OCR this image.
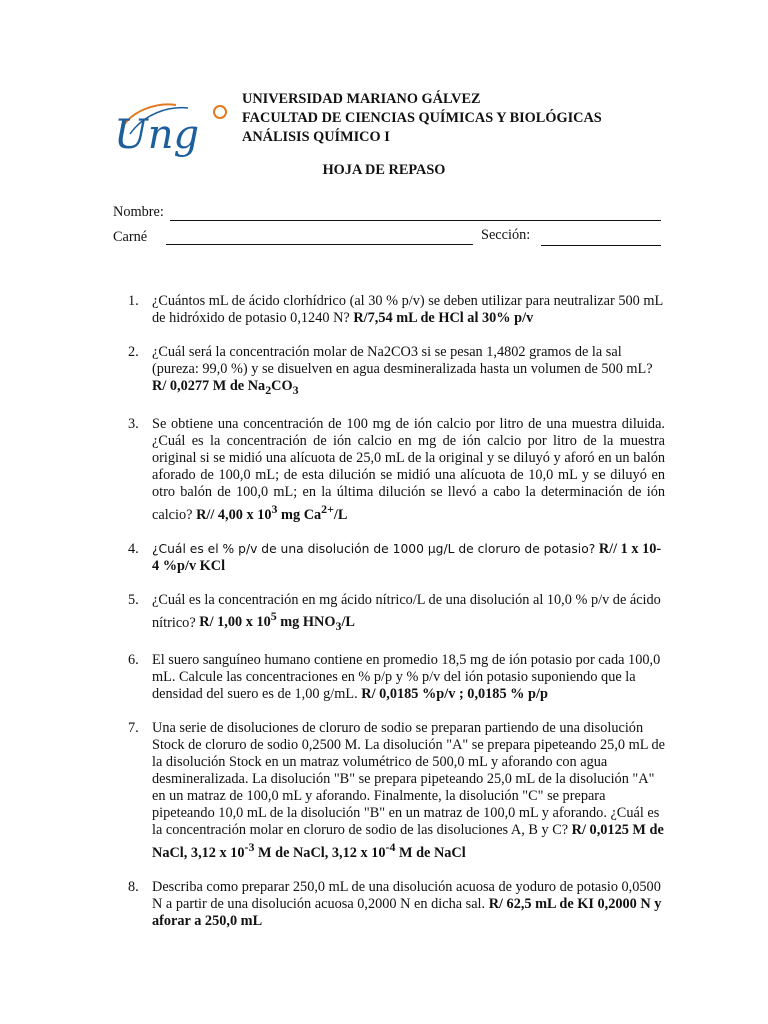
Ung
UNIVERSIDAD MARIANO GÁLVEZ
FACULTAD DE CIENCIAS QUÍMICAS Y BIOLÓGICAS
ANÁLISIS QUÍMICO I
HOJA DE REPASO
Nombre:
Carné	Sección:
1. ¿Cuántos mL de ácido clorhídrico (al 30 % p/v) se deben utilizar para neutralizar 500 mL de hidróxido de potasio 0,1240 N? R/7,54 mL de HCl al 30% p/v

2. ¿Cuál será la concentración molar de Na2CO3 si se pesan 1,4802 gramos de la sal (pureza: 99,0 %) y se disuelven en agua desmineralizada hasta un volumen de 500 mL? R/ 0,0277 M de $Na_2CO_3$

3. Se obtiene una concentración de 100 mg de ión calcio por litro de una muestra diluida. ¿Cuál es la concentración de ión calcio en mg de ión calcio por litro de la muestra original si se midió una alícuota de 25,0 mL de la original y se diluyó y aforó en un balón aforado de 100,0 mL; de esta dilución se midió una alícuota de 10,0 mL y se diluyó en otro balón de 100,0 mL; en la última dilución se llevó a cabo la determinación de ión calcio? R// 4,00 x $10^3$ mg $Ca^{2+}/L$

4. ¿Cuál es el % p/v de una disolución de 1000 µg/L de cloruro de potasio? R// 1 x 10-4 %p/v KCl

5. ¿Cuál es la concentración en mg ácido nítrico/L de una disolución al 10,0 % p/v de ácido nítrico? R/ 1,00 x $10^5$ mg $HNO_3/L$

6. El suero sanguíneo humano contiene en promedio 18,5 mg de ión potasio por cada 100,0 mL. Calcule las concentraciones en % p/p y % p/v del ión potasio suponiendo que la densidad del suero es de 1,00 g/mL. R/ 0,0185 %p/v ; 0,0185 % p/p

7. Una serie de disoluciones de cloruro de sodio se preparan partiendo de una disolución Stock de cloruro de sodio 0,2500 M. La disolución "A" se prepara pipeteando 25,0 mL de la disolución Stock en un matraz volumétrico de 500,0 mL y aforando con agua desmineralizada. La disolución "B" se prepara pipeteando 25,0 mL de la disolución "A" en un matraz de 100,0 mL y aforando. Finalmente, la disolución "C" se prepara pipeteando 10,0 mL de la disolución "B" en un matraz de 100,0 mL y aforando. ¿Cuál es la concentración molar en cloruro de sodio de las disoluciones A, B y C? R/ 0,0125 M de NaCl, 3,12 x $10^{-3}$ M de NaCl, 3,12 x $10^{-4}$ M de NaCl

8. Describa como preparar 250,0 mL de una disolución acuosa de yoduro de potasio 0,0500 N a partir de una disolución acuosa 0,2000 N en dicha sal. R/ 62,5 mL de KI 0,2000 N y aforar a 250,0 mL
